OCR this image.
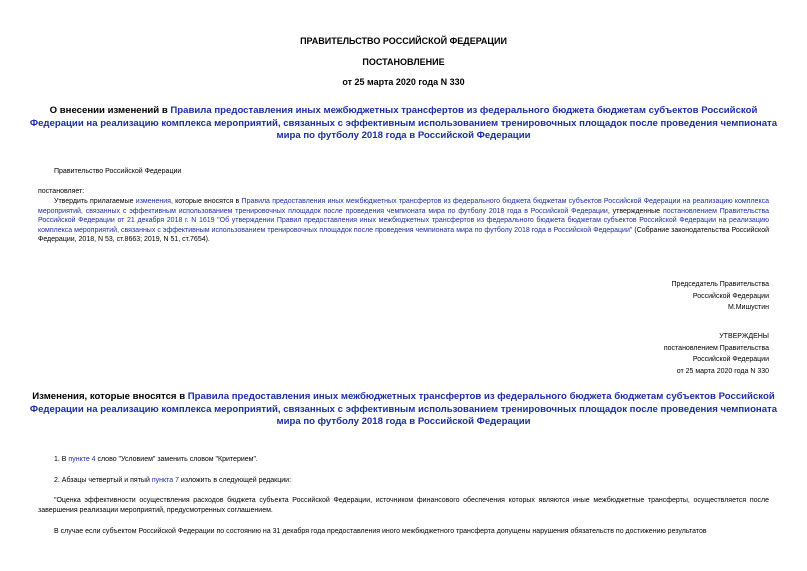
ПРАВИТЕЛЬСТВО РОССИЙСКОЙ ФЕДЕРАЦИИ
ПОСТАНОВЛЕНИЕ
от 25 марта 2020 года N 330
О внесении изменений в Правила предоставления иных межбюджетных трансфертов из федерального бюджета бюджетам субъектов Российской Федерации на реализацию комплекса мероприятий, связанных с эффективным использованием тренировочных площадок после проведения чемпионата мира по футболу 2018 года в Российской Федерации
Правительство Российской Федерации
постановляет:
Утвердить прилагаемые изменения, которые вносятся в Правила предоставления иных межбюджетных трансфертов из федерального бюджета бюджетам субъектов Российской Федерации на реализацию комплекса мероприятий, связанных с эффективным использованием тренировочных площадок после проведения чемпионата мира по футболу 2018 года в Российской Федерации, утвержденные постановлением Правительства Российской Федерации от 21 декабря 2018 г. N 1619 "Об утверждении Правил предоставления иных межбюджетных трансфертов из федерального бюджета бюджетам субъектов Российской Федерации на реализацию комплекса мероприятий, связанных с эффективным использованием тренировочных площадок после проведения чемпионата мира по футболу 2018 года в Российской Федерации" (Собрание законодательства Российской Федерации, 2018, N 53, ст.8663; 2019, N 51, ст.7654).
Председатель Правительства
Российской Федерации
М.Мишустин
УТВЕРЖДЕНЫ
постановлением Правительства
Российской Федерации
от 25 марта 2020 года N 330
Изменения, которые вносятся в Правила предоставления иных межбюджетных трансфертов из федерального бюджета бюджетам субъектов Российской Федерации на реализацию комплекса мероприятий, связанных с эффективным использованием тренировочных площадок после проведения чемпионата мира по футболу 2018 года в Российской Федерации
1. В пункте 4 слово "Условием" заменить словом "Критерием".
2. Абзацы четвертый и пятый пункта 7 изложить в следующей редакции:
"Оценка эффективности осуществления расходов бюджета субъекта Российской Федерации, источником финансового обеспечения которых являются иные межбюджетные трансферты, осуществляется после завершения реализации мероприятий, предусмотренных соглашением.
В случае если субъектом Российской Федерации по состоянию на 31 декабря года предоставления иного межбюджетного трансферта допущены нарушения обязательств по достижению результатов
